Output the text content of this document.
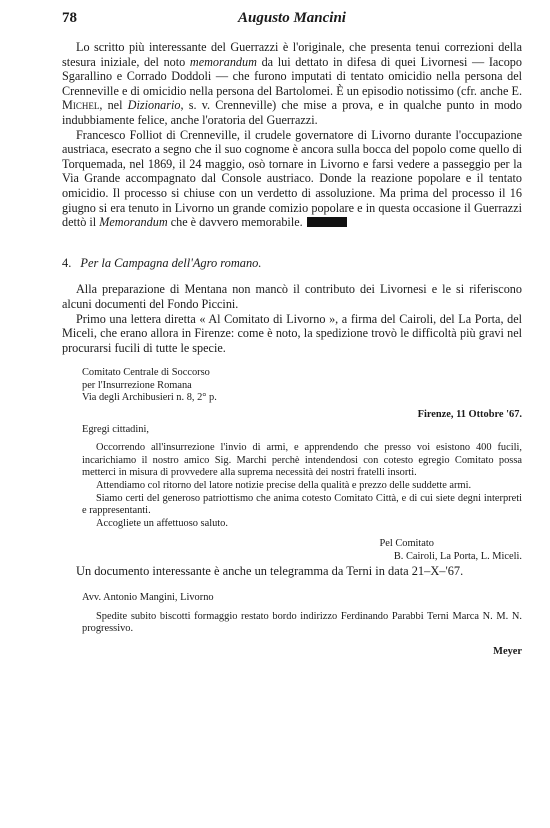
78	Augusto Mancini

Lo scritto più interessante del Guerrazzi è l'originale, che presenta tenui correzioni della stesura iniziale, del noto memorandum da lui dettato in difesa di quei Livornesi — Iacopo Sgarallino e Corrado Doddoli — che furono imputati di tentato omicidio nella persona del Crenneville e di omicidio nella persona del Bartolomei. È un episodio notissimo (cfr. anche E. Michel, nel Dizionario, s. v. Crenneville) che mise a prova, e in qualche punto in modo indubbiamente felice, anche l'oratoria del Guerrazzi.

Francesco Folliot di Crenneville, il crudele governatore di Livorno durante l'occupazione austriaca, esecrato a segno che il suo cognome è ancora sulla bocca del popolo come quello di Torquemada, nel 1869, il 24 maggio, osò tornare in Livorno e farsi vedere a passeggio per la Via Grande accompagnato dal Console austriaco. Donde la reazione popolare e il tentato omicidio. Il processo si chiuse con un verdetto di assoluzione. Ma prima del processo il 16 giugno si era tenuto in Livorno un grande comizio popolare e in questa occasione il Guerrazzi dettò il Memorandum che è davvero memorabile.

4. Per la Campagna dell'Agro romano.

Alla preparazione di Mentana non mancò il contributo dei Livornesi e le si riferiscono alcuni documenti del Fondo Piccini.

Primo una lettera diretta « Al Comitato di Livorno », a firma del Cairoli, del La Porta, del Miceli, che erano allora in Firenze: come è noto, la spedizione trovò le difficoltà più gravi nel procurarsi fucili di tutte le specie.

Comitato Centrale di Soccorso
per l'Insurrezione Romana
Via degli Archibusieri n. 8, 2° p.
Firenze, 11 Ottobre '67.
Egregi cittadini,

Occorrendo all'insurrezione l'invio di armi, e apprendendo che presso voi esistono 400 fucili, incarichiamo il nostro amico Sig. Marchi perchè intendendosi con cotesto egregio Comitato possa metterci in misura di provvedere alla suprema necessità dei nostri fratelli insorti.

Attendiamo col ritorno del latore notizie precise della qualità e prezzo delle suddette armi.

Siamo certi del generoso patriottismo che anima cotesto Comitato Città, e di cui siete degni interpreti e rappresentanti.

Accogliete un affettuoso saluto.

Pel Comitato
B. Cairoli, La Porta, L. Miceli.

Un documento interessante è anche un telegramma da Terni in data 21–X–'67.

Avv. Antonio Mangini, Livorno

Spedite subito biscotti formaggio restato bordo indirizzo Ferdinando Parabbi Terni Marca N. M. N. progressivo.

Meyer
